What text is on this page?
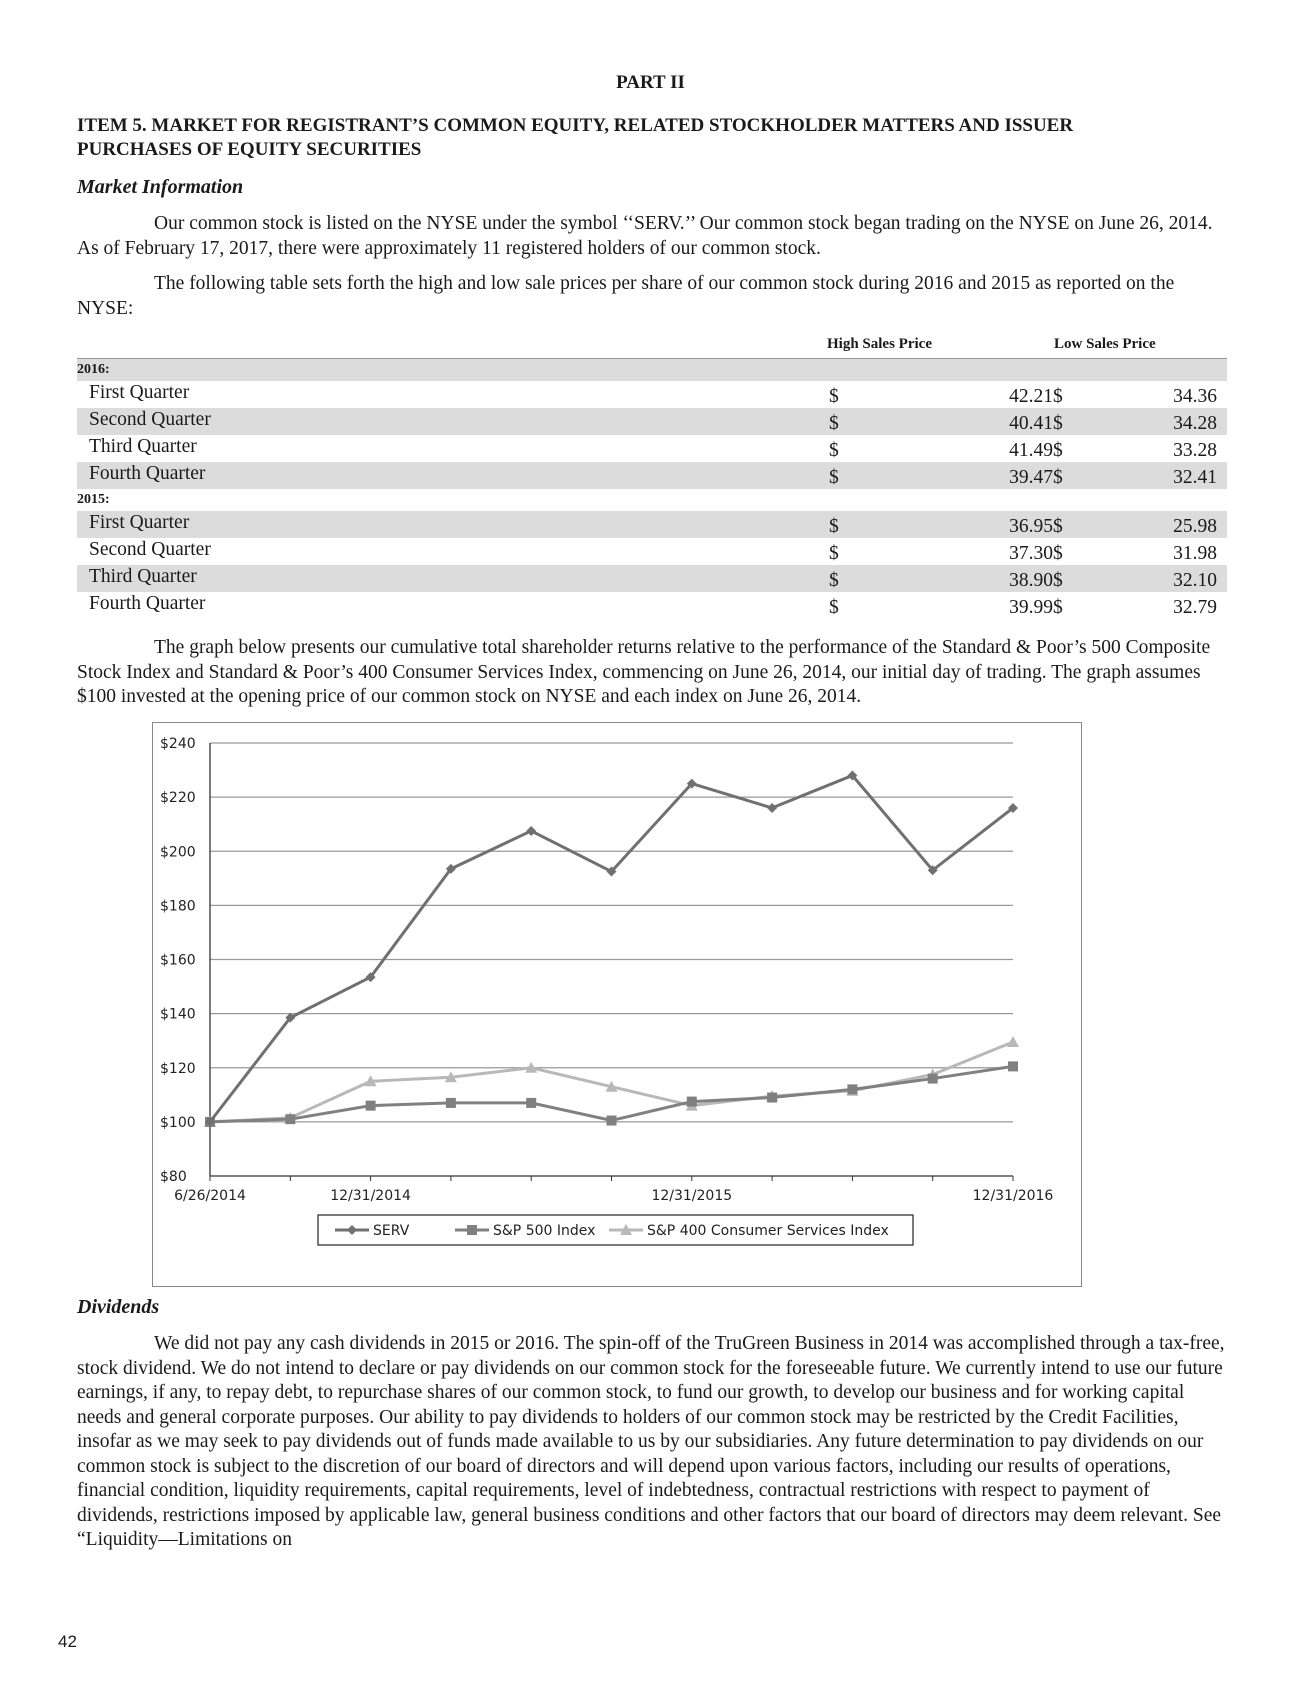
PART II
ITEM 5. MARKET FOR REGISTRANT’S COMMON EQUITY, RELATED STOCKHOLDER MATTERS AND ISSUER
PURCHASES OF EQUITY SECURITIES
Market Information

Our common stock is listed on the NYSE under the symbol ‘‘SERV.’’ Our common stock began trading on the NYSE on June 26, 2014. As of February 17, 2017, there were approximately 11 registered holders of our common stock.

The following table sets forth the high and low sale prices per share of our common stock during 2016 and 2015 as reported on the NYSE:

High Sales Price	Low Sales Price
2016:
First Quarter	$	42.21 $	34.36
Second Quarter	$	40.41 $	34.28
Third Quarter	$	41.49 $	33.28
Fourth Quarter	$	39.47 $	32.41
2015:
First Quarter	$	36.95 $	25.98
Second Quarter	$	37.30 $	31.98
Third Quarter	$	38.90 $	32.10
Fourth Quarter	$	39.99 $	32.79

The graph below presents our cumulative total shareholder returns relative to the performance of the Standard & Poor’s 500 Composite Stock Index and Standard & Poor’s 400 Consumer Services Index, commencing on June 26, 2014, our initial day of trading. The graph assumes $100 invested at the opening price of our common stock on NYSE and each index on June 26, 2014.

$80
$100
$120
$140
$160
$180
$200
$220
$240
6/26/2014	12/31/2014	12/31/2015	12/31/2016
SERV	S&P 500 Index	S&P 400 Consumer Services Index
Dividends

We did not pay any cash dividends in 2015 or 2016. The spin-off of the TruGreen Business in 2014 was accomplished through a tax-free, stock dividend. We do not intend to declare or pay dividends on our common stock for the foreseeable future. We currently intend to use our future earnings, if any, to repay debt, to repurchase shares of our common stock, to fund our growth, to develop our business and for working capital needs and general corporate purposes. Our ability to pay dividends to holders of our common stock may be restricted by the Credit Facilities, insofar as we may seek to pay dividends out of funds made available to us by our subsidiaries. Any future determination to pay dividends on our common stock is subject to the discretion of our board of directors and will depend upon various factors, including our results of operations, financial condition, liquidity requirements, capital requirements, level of indebtedness, contractual restrictions with respect to payment of dividends, restrictions imposed by applicable law, general business conditions and other factors that our board of directors may deem relevant. See “Liquidity—Limitations on

42
